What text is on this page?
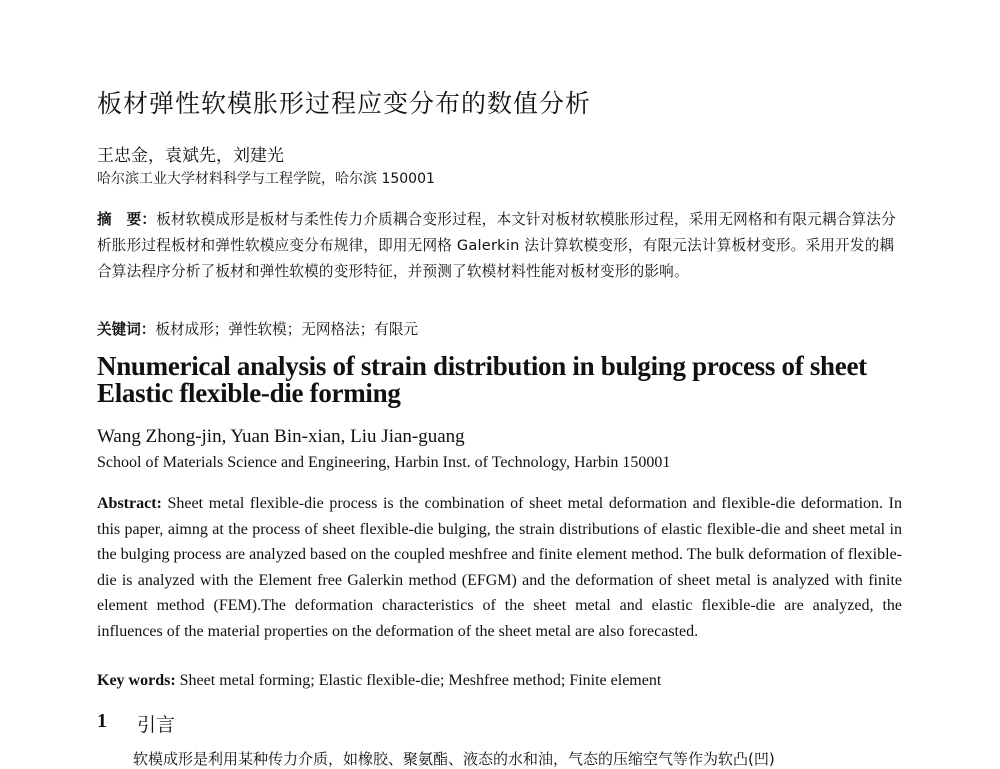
板材弹性软模胀形过程应变分布的数值分析
王忠金，袁斌先，刘建光
哈尔滨工业大学材料科学与工程学院，哈尔滨 150001
摘　要：板材软模成形是板材与柔性传力介质耦合变形过程，本文针对板材软模胀形过程，采用无网格和有限元耦合算法分析胀形过程板材和弹性软模应变分布规律，即用无网格 Galerkin 法计算软模变形，有限元法计算板材变形。采用开发的耦合算法程序分析了板材和弹性软模的变形特征，并预测了软模材料性能对板材变形的影响。
关键词：板材成形；弹性软模；无网格法；有限元
Nnumerical analysis of strain distribution in bulging process of sheet Elastic flexible-die forming
Wang Zhong-jin, Yuan Bin-xian, Liu Jian-guang
School of Materials Science and Engineering, Harbin Inst. of Technology, Harbin 150001
Abstract: Sheet metal flexible-die process is the combination of sheet metal deformation and flexible-die deformation. In this paper, aimng at the process of sheet flexible-die bulging, the strain distributions of elastic flexible-die and sheet metal in the bulging process are analyzed based on the coupled meshfree and finite element method. The bulk deformation of flexible-die is analyzed with the Element free Galerkin method (EFGM) and the deformation of sheet metal is analyzed with finite element method (FEM).The deformation characteristics of the sheet metal and elastic flexible-die are analyzed, the influences of the material properties on the deformation of the sheet metal are also forecasted.
Key words: Sheet metal forming; Elastic flexible-die; Meshfree method; Finite element
1 引言
软模成形是利用某种传力介质，如橡胶、聚氨酯、液态的水和油，气态的压缩空气等作为软凸(凹)
